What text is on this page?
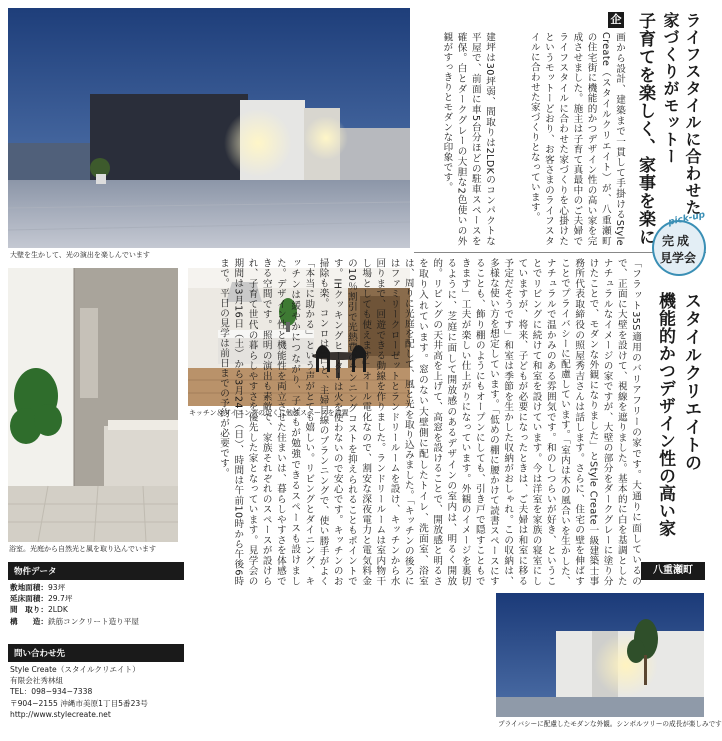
大壁を生かして、光の演出を楽しんでいます
浴室。光庭から自然光と風を取り込んでいます
キッチン＆ダイニングの近くに勉強スペースを設置
プライバシーに配慮したモダンな外観。シンボルツリーの成長が楽しみです
ライフスタイルに合わせた
家づくりがモットー
子育てを楽しく、家事を楽に
企
画から設計、建築まで一貫して手掛けるStyle Create（スタイルクリエイト）が、八重瀬町の住宅街に機能的かつデザイン性の高い家を完成させました。施主は子育て真最中のご夫婦でライフスタイルに合わせた家づくりを心掛けたというモットーどおり、お客さまのライフスタイルに合わせた家づくりとなっています。
建坪は30坪弱、間取りは2LDKのコンパクトな平屋で、前面に車5台分ほどの駐車スペースを確保。白とダークグレーの大胆な2色使いの外観がすっきりとモダンな印象です。
pick-up
完成
見学会
スタイルクリエイトの
機能的かつデザイン性の高い家
八重瀬町
「フラット35S適用のバリアフリーの家です。大通りに面しているので、正面に大壁を設けて、視線を遮りました。基本的に白を基調としたナチュラルなイメージの家ですが、大壁の部分をダークグレーに塗り分けたことで、モダンな外観になりました」とStyle Create一級建築士事務所代表取締役の照屋秀吉さんは話します。さらに、住宅の壁を伸ばすことでプライバシーに配慮しています。「室内は木の風合いを生かした、ナチュラルで温かみのある雰囲気です。和のしつらいが好き、ということでリビングに続けて和室を設けています。今は洋室を家族の寝室にしていますが、将来、子どもが必要になったときは、ご夫婦は和室に移る予定だそうです」和室は季節を生かした収納がおしゃれ。この収納は、多様な使い方を想定しています。「低めの棚に腰かけて読書スペースにすることも、飾り棚のようにもオープンにしても、引き戸で隠すこともできます」工夫が楽しい仕上がりになっています。外観のイメージを裏切るように、芝庭に面して開放感のあるデザインの室内は、明るく開放的。リビングの天井高を上げて、高窓を設けることで、開放感と明るさを取り入れています。窓のない大壁側に配したトイレ、洗面室、浴室は、周りに光庭を配して、風と光を取り込みました。「キッチンの後ろにはファミリークローゼットとランドリールームを設け、キッチンから水回りまで、回遊できる動線を作りました。ランドリールームは室内物干し場としても使えます」オール電化なので、割安な深夜電力と電気料金の10％割引で光熱費のランニングコストを抑えられることもポイントです。IHクッキングヒーターは火を使わないので安心です。キッチンのお掃除も楽。コンロは3口と、主婦目線のプランニングで、使い勝手がよく「本当に助かる」という声がとても嬉しい。リビングとダイニング、キッチンは緩やかにつながり、子どもが勉強できるスペースも設けました。デザイン性と機能性を両立させた住まいは、暮らしやすさを体感できる空間です。照明の演出も素敵で、家族それぞれのスペースが設けられ、子育て世代の暮らしやすさを優先した家となっています。見学会の期間は3月16日（土）から3月24日（日）、時間は午前10時から午後6時まで。平日の見学は前日までの予約が必要です。
物件データ
敷地面積：93坪
延床面積：29.7坪
間　取り：2LDK
構　　造：鉄筋コンクリート造り平屋
問い合わせ先
Style Create（スタイルクリエイト）
有限会社秀林組
TEL：098−934−7338
〒904−2155 沖縄市美原1丁目5番23号
http://www.stylecreate.net
